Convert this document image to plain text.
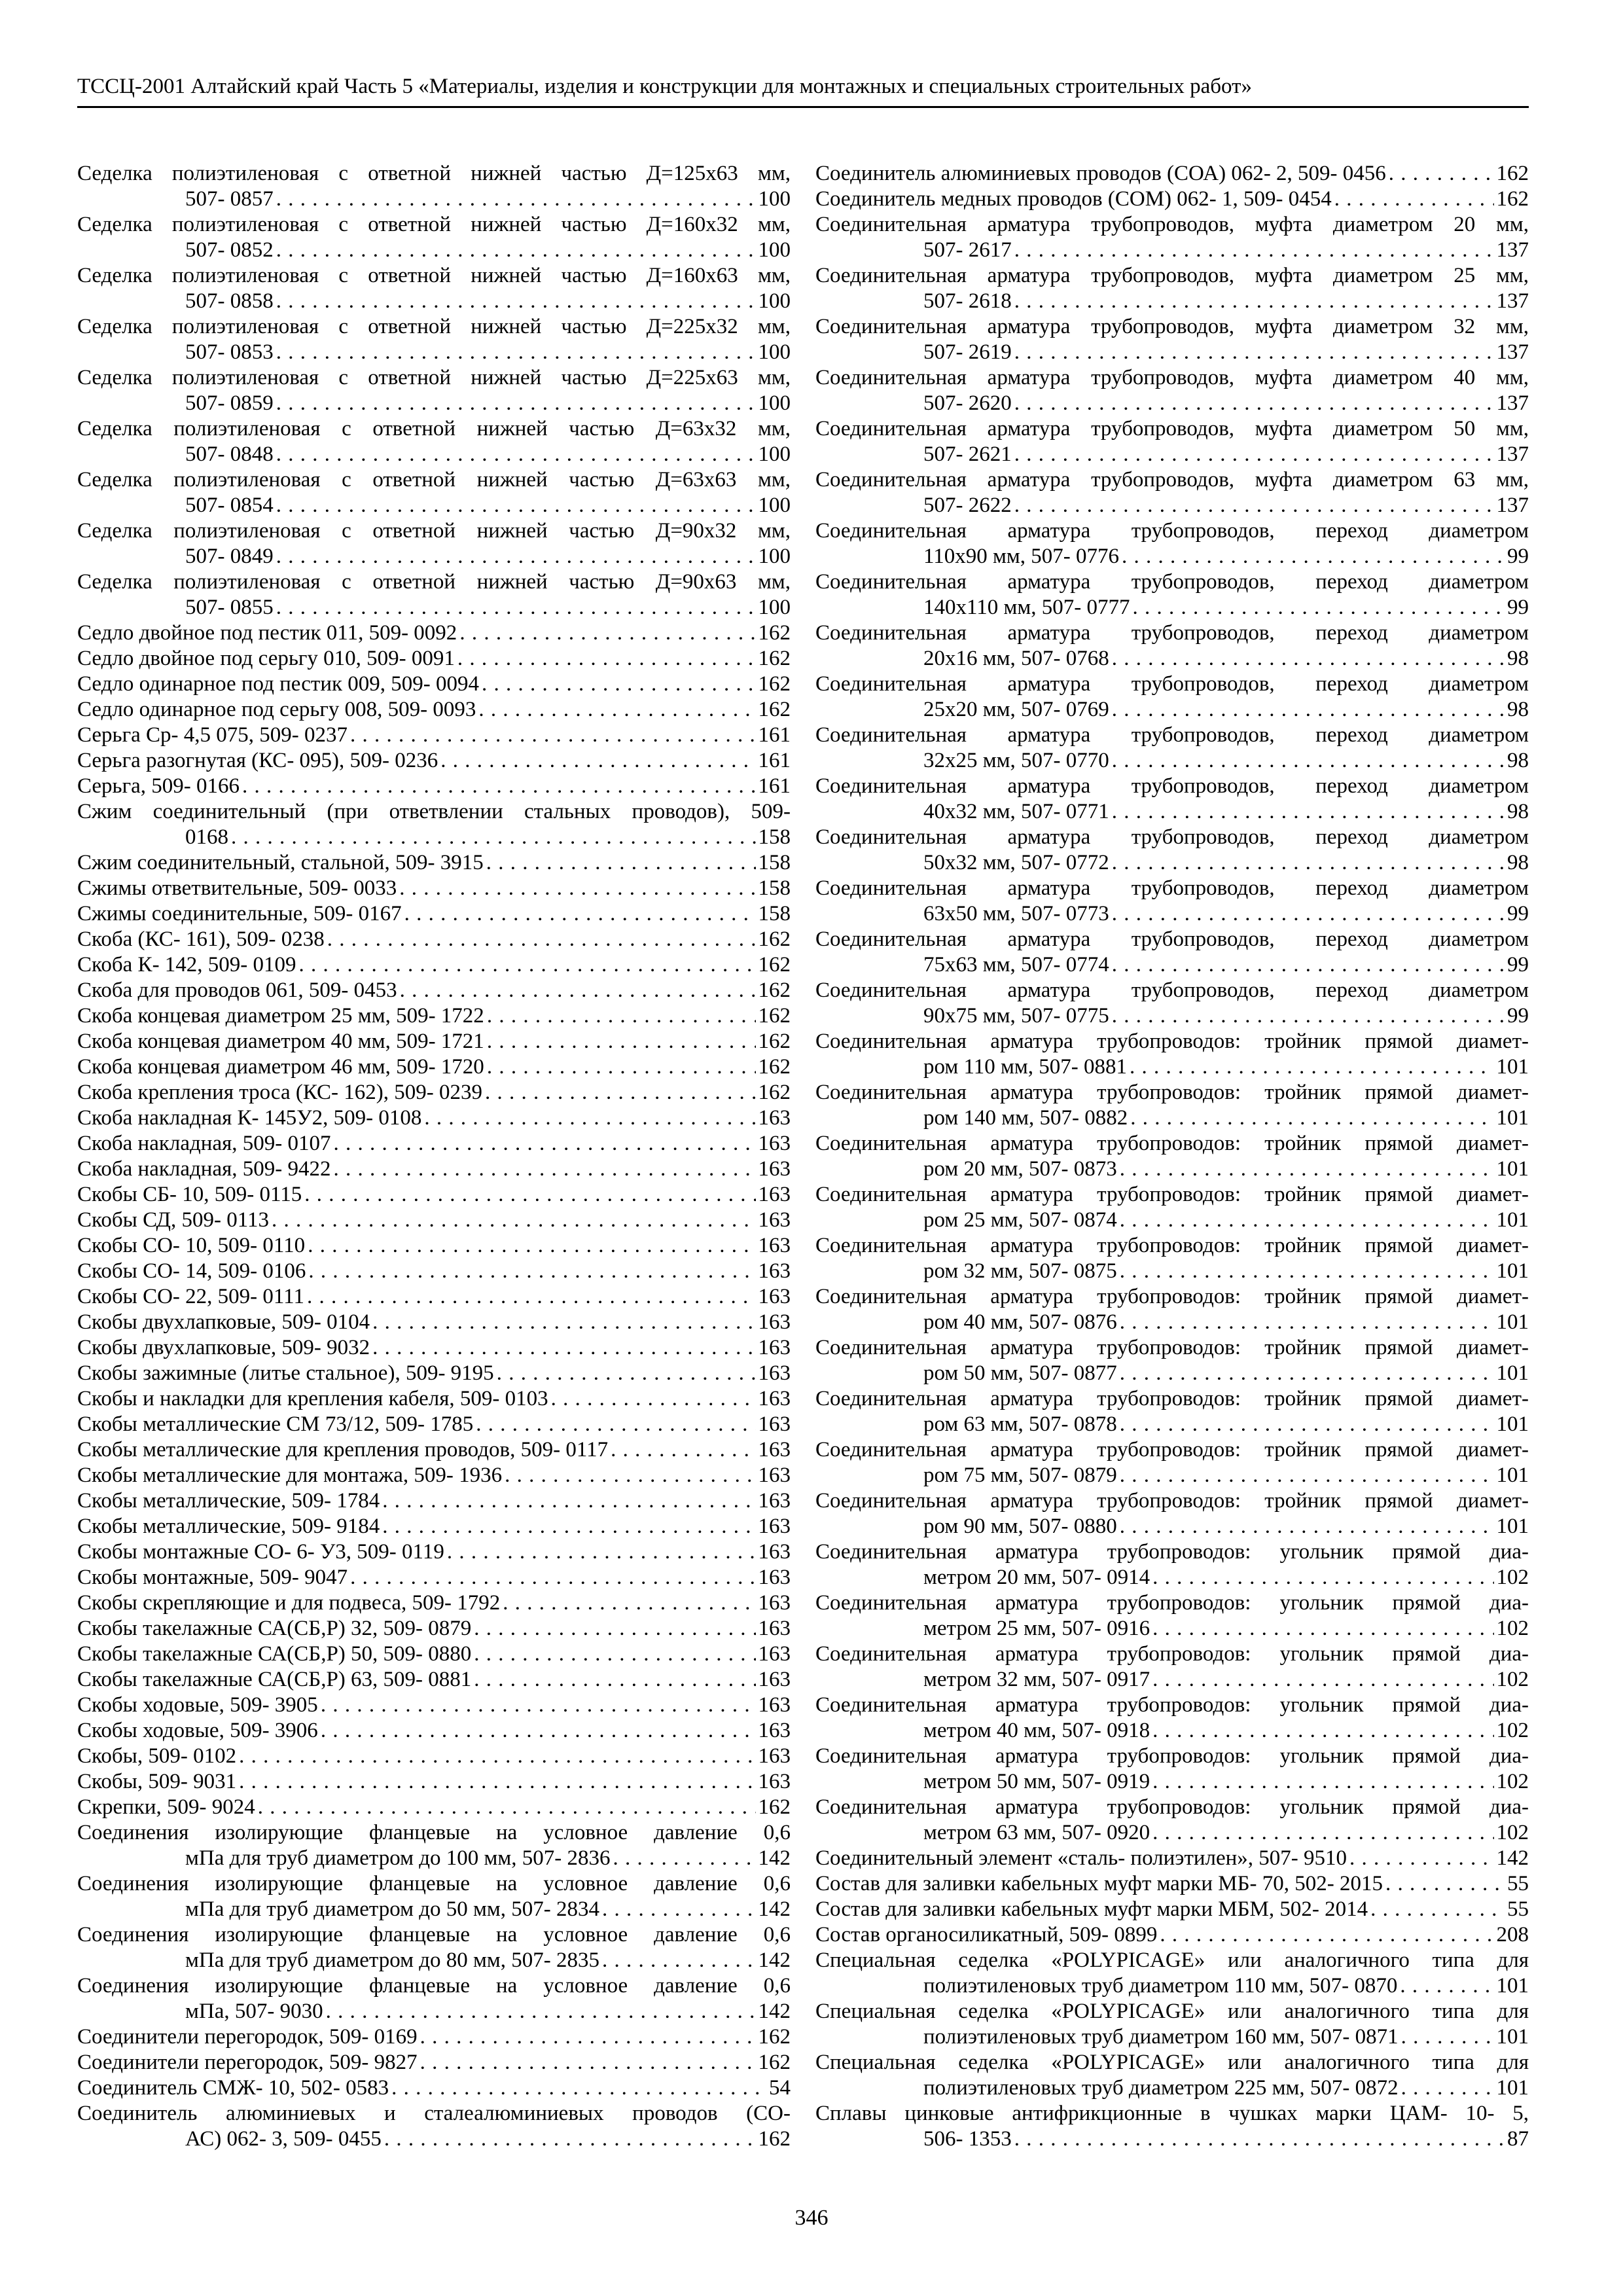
ТССЦ-2001 Алтайский край Часть 5 «Материалы, изделия и конструкции для монтажных и специальных строительных работ»
Седелка полиэтиленовая с ответной нижней частью Д=125х63 мм,
507- 0857 . . .	100
Седелка полиэтиленовая с ответной нижней частью Д=160х32 мм,
507- 0852 . . .	100
Седелка полиэтиленовая с ответной нижней частью Д=160х63 мм,
507- 0858 . . .	100
Седелка полиэтиленовая с ответной нижней частью Д=225х32 мм,
507- 0853 . . .	100
Седелка полиэтиленовая с ответной нижней частью Д=225х63 мм,
507- 0859 . . .	100
Седелка полиэтиленовая с ответной нижней частью Д=63х32 мм,
507- 0848 . . .	100
Седелка полиэтиленовая с ответной нижней частью Д=63х63 мм,
507- 0854 . . .	100
Седелка полиэтиленовая с ответной нижней частью Д=90х32 мм,
507- 0849 . . .	100
Седелка полиэтиленовая с ответной нижней частью Д=90х63 мм,
507- 0855 . . .	100
Седло двойное под пестик 011, 509- 0092 . . .	162
Седло двойное под серьгу 010, 509- 0091 . . .	162
Седло одинарное под пестик 009, 509- 0094 . . .	162
Седло одинарное под серьгу 008, 509- 0093 . . .	162
Серьга Ср- 4,5 075, 509- 0237 . . .	161
Серьга разогнутая (КС- 095), 509- 0236 . . .	161
Серьга, 509- 0166 . . .	161
Сжим соединительный (при ответвлении стальных проводов), 509-
0168 . . .	158
Сжим соединительный, стальной, 509- 3915 . . .	158
Сжимы ответвительные, 509- 0033 . . .	158
Сжимы соединительные, 509- 0167 . . .	158
Скоба (КС- 161), 509- 0238 . . .	162
Скоба К- 142, 509- 0109 . . .	162
Скоба для проводов 061, 509- 0453 . . .	162
Скоба концевая диаметром 25 мм, 509- 1722 . . .	162
Скоба концевая диаметром 40 мм, 509- 1721 . . .	162
Скоба концевая диаметром 46 мм, 509- 1720 . . .	162
Скоба крепления троса (КС- 162), 509- 0239 . . .	162
Скоба накладная К- 145У2, 509- 0108 . . .	163
Скоба накладная, 509- 0107 . . .	163
Скоба накладная, 509- 9422 . . .	163
Скобы СБ- 10, 509- 0115 . . .	163
Скобы СД, 509- 0113 . . .	163
Скобы СО- 10, 509- 0110 . . .	163
Скобы СО- 14, 509- 0106 . . .	163
Скобы СО- 22, 509- 0111 . . .	163
Скобы двухлапковые, 509- 0104 . . .	163
Скобы двухлапковые, 509- 9032 . . .	163
Скобы зажимные (литье стальное), 509- 9195 . . .	163
Скобы и накладки для крепления кабеля, 509- 0103 . . .	163
Скобы металлические СМ 73/12, 509- 1785 . . .	163
Скобы металлические для крепления проводов, 509- 0117 . . .	163
Скобы металлические для монтажа, 509- 1936 . . .	163
Скобы металлические, 509- 1784 . . .	163
Скобы металлические, 509- 9184 . . .	163
Скобы монтажные СО- 6- У3, 509- 0119 . . .	163
Скобы монтажные, 509- 9047 . . .	163
Скобы скрепляющие и для подвеса, 509- 1792 . . .	163
Скобы такелажные СА(СБ,Р) 32, 509- 0879 . . .	163
Скобы такелажные СА(СБ,Р) 50, 509- 0880 . . .	163
Скобы такелажные СА(СБ,Р) 63, 509- 0881 . . .	163
Скобы ходовые, 509- 3905 . . .	163
Скобы ходовые, 509- 3906 . . .	163
Скобы, 509- 0102 . . .	163
Скобы, 509- 9031 . . .	163
Скрепки, 509- 9024 . . .	162
Соединения изолирующие фланцевые на условное давление 0,6
мПа для труб диаметром до 100 мм, 507- 2836 . . .	142
Соединения изолирующие фланцевые на условное давление 0,6
мПа для труб диаметром до 50 мм, 507- 2834 . . .	142
Соединения изолирующие фланцевые на условное давление 0,6
мПа для труб диаметром до 80 мм, 507- 2835 . . .	142
Соединения изолирующие фланцевые на условное давление 0,6
мПа, 507- 9030 . . .	142
Соединители перегородок, 509- 0169 . . .	162
Соединители перегородок, 509- 9827 . . .	162
Соединитель СМЖ- 10, 502- 0583 . . .	54
Соединитель алюминиевых и сталеалюминиевых проводов (СО-
АС) 062- 3, 509- 0455 . . .	162
Соединитель алюминиевых проводов (СОА) 062- 2, 509- 0456 . . .	162
Соединитель медных проводов (СОМ) 062- 1, 509- 0454 . . .	162
Соединительная арматура трубопроводов, муфта диаметром 20 мм,
507- 2617 . . .	137
Соединительная арматура трубопроводов, муфта диаметром 25 мм,
507- 2618 . . .	137
Соединительная арматура трубопроводов, муфта диаметром 32 мм,
507- 2619 . . .	137
Соединительная арматура трубопроводов, муфта диаметром 40 мм,
507- 2620 . . .	137
Соединительная арматура трубопроводов, муфта диаметром 50 мм,
507- 2621 . . .	137
Соединительная арматура трубопроводов, муфта диаметром 63 мм,
507- 2622 . . .	137
Соединительная арматура трубопроводов, переход диаметром
110х90 мм, 507- 0776 . . .	99
Соединительная арматура трубопроводов, переход диаметром
140х110 мм, 507- 0777 . . .	99
Соединительная арматура трубопроводов, переход диаметром
20х16 мм, 507- 0768 . . .	98
Соединительная арматура трубопроводов, переход диаметром
25х20 мм, 507- 0769 . . .	98
Соединительная арматура трубопроводов, переход диаметром
32х25 мм, 507- 0770 . . .	98
Соединительная арматура трубопроводов, переход диаметром
40х32 мм, 507- 0771 . . .	98
Соединительная арматура трубопроводов, переход диаметром
50х32 мм, 507- 0772 . . .	98
Соединительная арматура трубопроводов, переход диаметром
63х50 мм, 507- 0773 . . .	99
Соединительная арматура трубопроводов, переход диаметром
75х63 мм, 507- 0774 . . .	99
Соединительная арматура трубопроводов, переход диаметром
90х75 мм, 507- 0775 . . .	99
Соединительная арматура трубопроводов: тройник прямой диамет-
ром 110 мм, 507- 0881 . . .	101
Соединительная арматура трубопроводов: тройник прямой диамет-
ром 140 мм, 507- 0882 . . .	101
Соединительная арматура трубопроводов: тройник прямой диамет-
ром 20 мм, 507- 0873 . . .	101
Соединительная арматура трубопроводов: тройник прямой диамет-
ром 25 мм, 507- 0874 . . .	101
Соединительная арматура трубопроводов: тройник прямой диамет-
ром 32 мм, 507- 0875 . . .	101
Соединительная арматура трубопроводов: тройник прямой диамет-
ром 40 мм, 507- 0876 . . .	101
Соединительная арматура трубопроводов: тройник прямой диамет-
ром 50 мм, 507- 0877 . . .	101
Соединительная арматура трубопроводов: тройник прямой диамет-
ром 63 мм, 507- 0878 . . .	101
Соединительная арматура трубопроводов: тройник прямой диамет-
ром 75 мм, 507- 0879 . . .	101
Соединительная арматура трубопроводов: тройник прямой диамет-
ром 90 мм, 507- 0880 . . .	101
Соединительная арматура трубопроводов: угольник прямой диа-
метром 20 мм, 507- 0914 . . .	102
Соединительная арматура трубопроводов: угольник прямой диа-
метром 25 мм, 507- 0916 . . .	102
Соединительная арматура трубопроводов: угольник прямой диа-
метром 32 мм, 507- 0917 . . .	102
Соединительная арматура трубопроводов: угольник прямой диа-
метром 40 мм, 507- 0918 . . .	102
Соединительная арматура трубопроводов: угольник прямой диа-
метром 50 мм, 507- 0919 . . .	102
Соединительная арматура трубопроводов: угольник прямой диа-
метром 63 мм, 507- 0920 . . .	102
Соединительный элемент «сталь- полиэтилен», 507- 9510 . . .	142
Состав для заливки кабельных муфт марки МБ- 70, 502- 2015 . . .	55
Состав для заливки кабельных муфт марки МБМ, 502- 2014 . . .	55
Состав органосиликатный, 509- 0899 . . .	208
Специальная седелка «POLYPICAGE» или аналогичного типа для
полиэтиленовых труб диаметром 110 мм, 507- 0870 . . .	101
Специальная седелка «POLYPICAGE» или аналогичного типа для
полиэтиленовых труб диаметром 160 мм, 507- 0871 . . .	101
Специальная седелка «POLYPICAGE» или аналогичного типа для
полиэтиленовых труб диаметром 225 мм, 507- 0872 . . .	101
Сплавы цинковые антифрикционные в чушках марки ЦАМ- 10- 5,
506- 1353 . . .	87
346
